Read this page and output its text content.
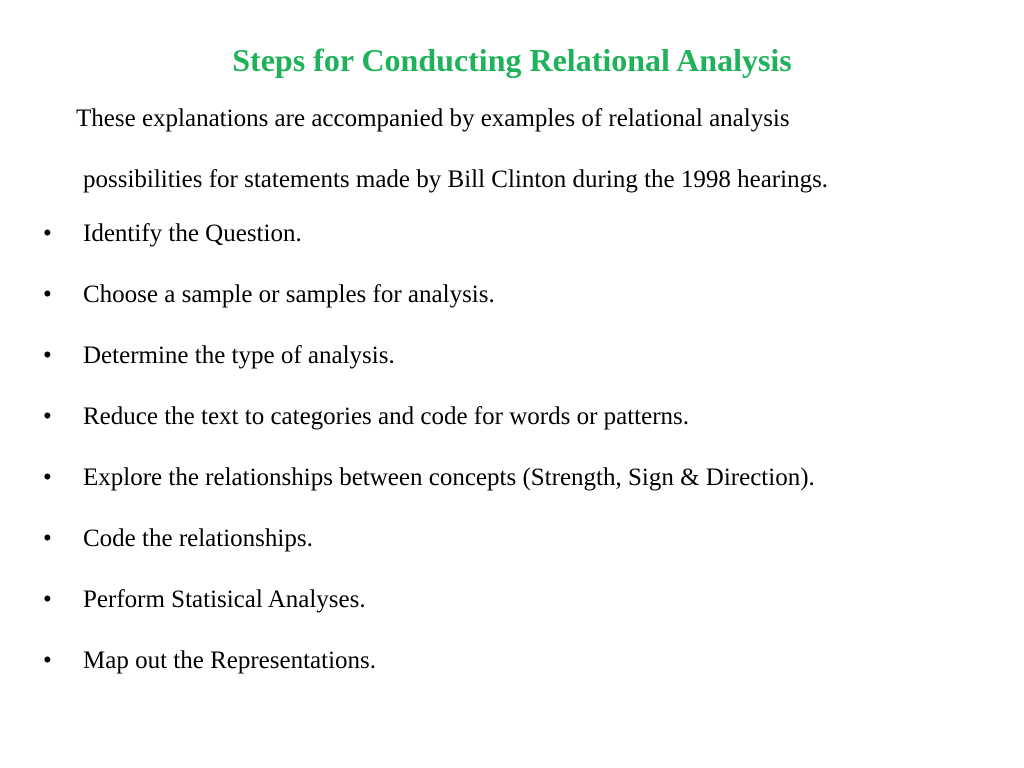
Steps for Conducting Relational Analysis

These explanations are accompanied by examples of relational analysis
possibilities for statements made by Bill Clinton during the 1998 hearings.

• Identify the Question.
• Choose a sample or samples for analysis.
• Determine the type of analysis.
• Reduce the text to categories and code for words or patterns.
• Explore the relationships between concepts (Strength, Sign & Direction).
• Code the relationships.
• Perform Statisical Analyses.
• Map out the Representations.
